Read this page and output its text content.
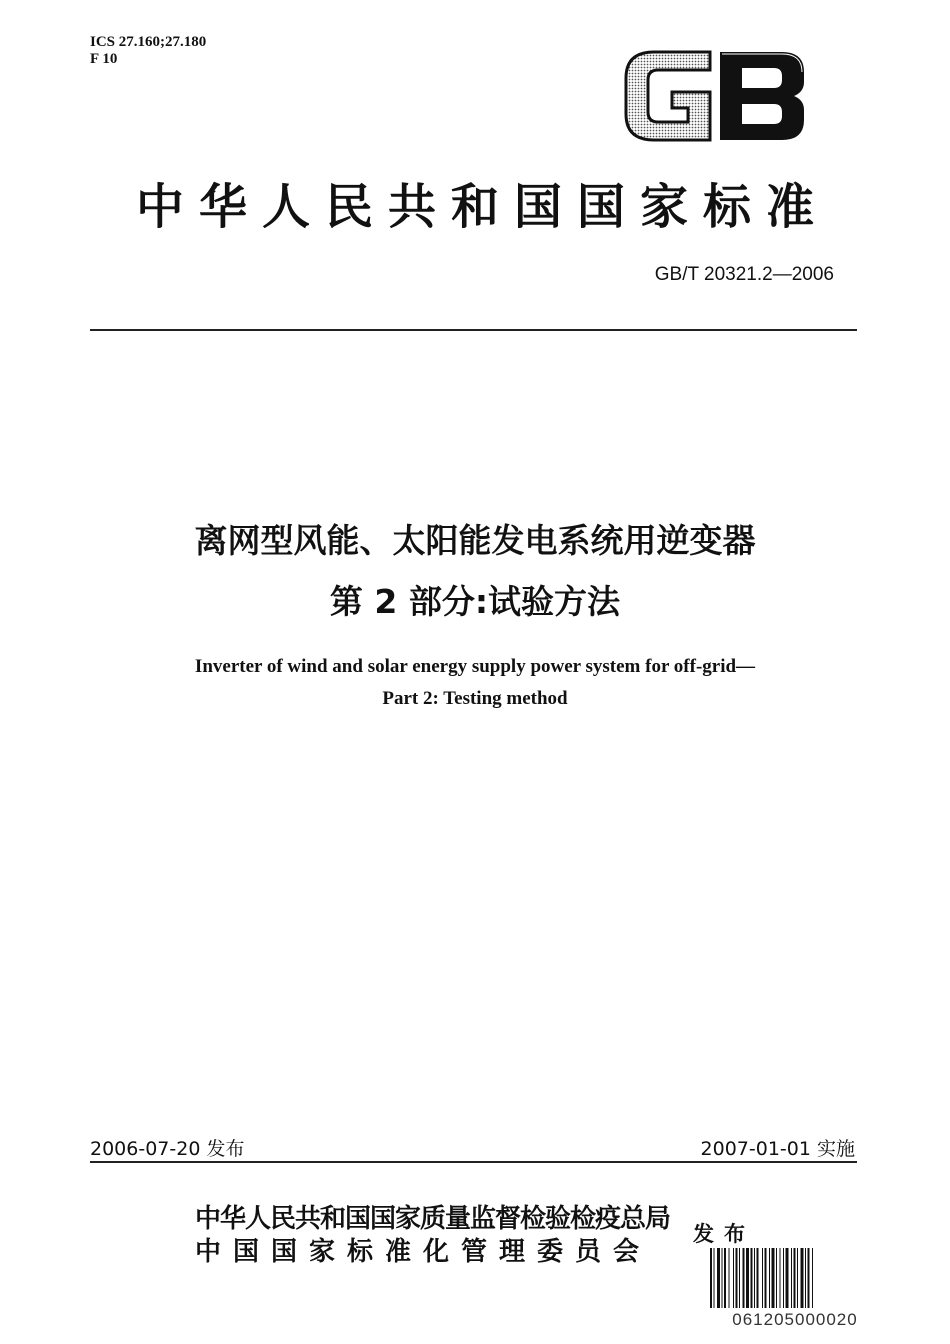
ICS 27.160;27.180
F 10
中华人民共和国国家标准
GB/T 20321.2—2006
离网型风能、太阳能发电系统用逆变器
第 2 部分:试验方法
Inverter of wind and solar energy supply power system for off-grid—
Part 2: Testing method
2006-07-20 发布	2007-01-01 实施
中华人民共和国国家质量监督检验检疫总局
中国国家标准化管理委员会
发布
061205000020
